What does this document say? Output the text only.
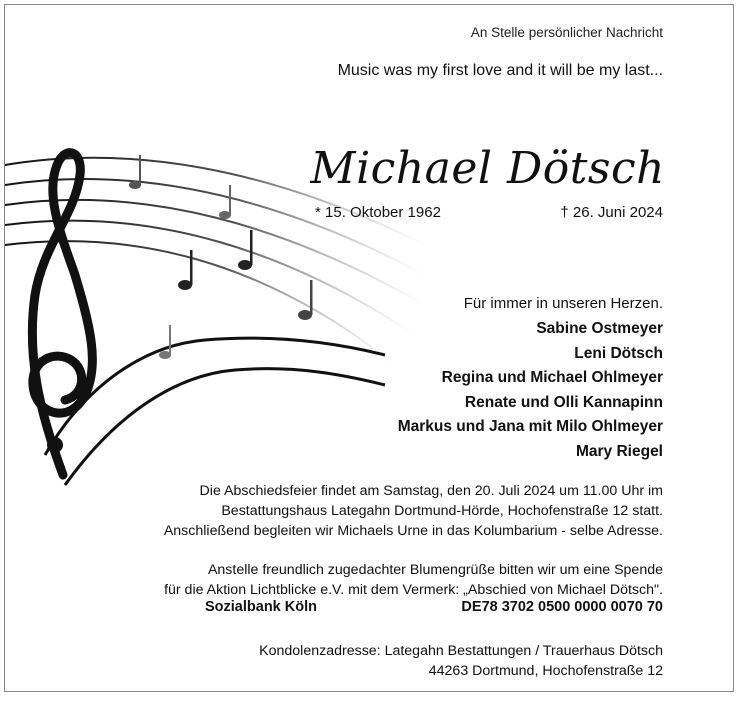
An Stelle persönlicher Nachricht
Music was my first love and it will be my last...
Michael Dötsch
* 15. Oktober 1962	† 26. Juni 2024
Für immer in unseren Herzen.
Sabine Ostmeyer
Leni Dötsch
Regina und Michael Ohlmeyer
Renate und Olli Kannapinn
Markus und Jana mit Milo Ohlmeyer
Mary Riegel
Die Abschiedsfeier findet am Samstag, den 20. Juli 2024 um 11.00 Uhr im
Bestattungshaus Lategahn Dortmund-Hörde, Hochofenstraße 12 statt.
Anschließend begleiten wir Michaels Urne in das Kolumbarium - selbe Adresse.
Anstelle freundlich zugedachter Blumengrüße bitten wir um eine Spende
für die Aktion Lichtblicke e.V. mit dem Vermerk: „Abschied von Michael Dötsch".
Sozialbank Köln	DE78 3702 0500 0000 0070 70
Kondolenzadresse: Lategahn Bestattungen / Trauerhaus Dötsch
44263 Dortmund, Hochofenstraße 12
